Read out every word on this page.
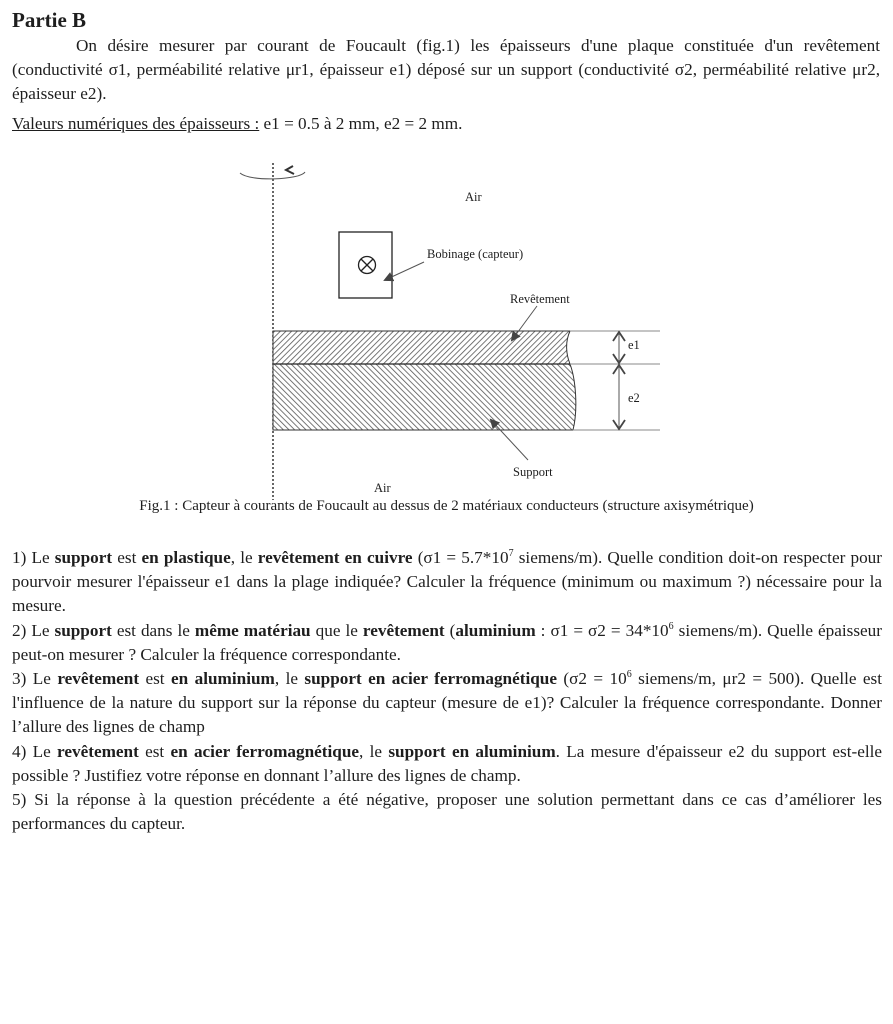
Partie B
On désire mesurer par courant de Foucault (fig.1) les épaisseurs d'une plaque constituée d'un revêtement (conductivité σ1, perméabilité relative μr1, épaisseur e1) déposé sur un support (conductivité σ2, perméabilité relative μr2, épaisseur e2).
Valeurs numériques des épaisseurs : e1 = 0.5 à 2 mm, e2 = 2 mm.
Air
Bobinage (capteur)
Revêtement
e1
e2
Support
Air
Fig.1 : Capteur à courants de Foucault au dessus de 2 matériaux conducteurs (structure axisymétrique)

1) Le support est en plastique, le revêtement en cuivre ($\sigma 1 = 5.7*10^7$ siemens/m). Quelle condition doit-on respecter pour pourvoir mesurer l'épaisseur e1 dans la plage indiquée? Calculer la fréquence (minimum ou maximum ?) nécessaire pour la mesure.

2) Le support est dans le même matériau que le revêtement (aluminium : $\sigma 1 = \sigma 2 = 34*10^6$ siemens/m). Quelle épaisseur peut-on mesurer ? Calculer la fréquence correspondante.

3) Le revêtement est en aluminium, le support en acier ferromagnétique ($\sigma 2 = 10^6$ siemens/m, μr2 = 500). Quelle est l'influence de la nature du support sur la réponse du capteur (mesure de e1)? Calculer la fréquence correspondante. Donner l’allure des lignes de champ

4) Le revêtement est en acier ferromagnétique, le support en aluminium. La mesure d'épaisseur e2 du support est-elle possible ? Justifiez votre réponse en donnant l’allure des lignes de champ.

5) Si la réponse à la question précédente a été négative, proposer une solution permettant dans ce cas d’améliorer les performances du capteur.
